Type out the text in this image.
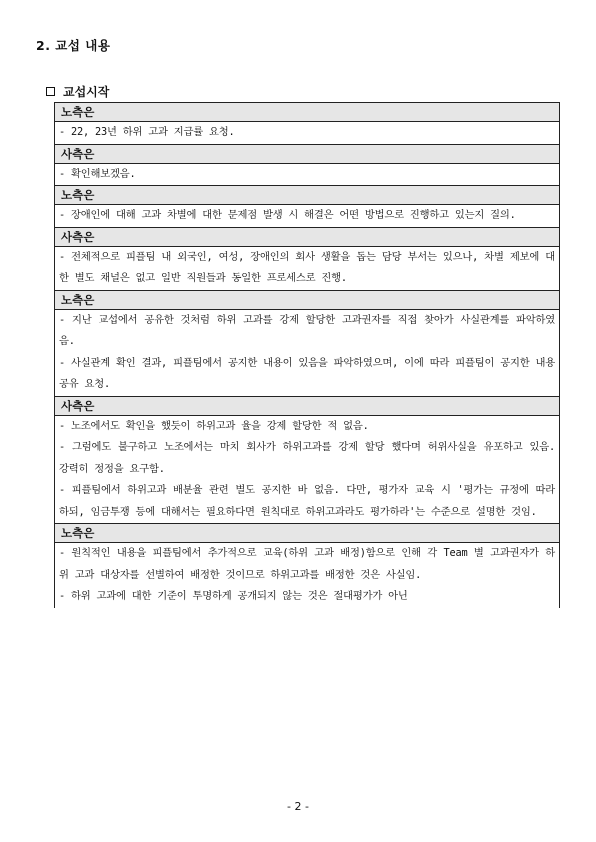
2. 교섭 내용
교섭시작
노측은

- 22, 23년 하위 고과 지급률 요청.

사측은

- 확인해보겠음.

노측은

- 장애인에 대해 고과 차별에 대한 문제점 발생 시 해결은 어떤 방법으로 진행하고 있는지 질의.

사측은

- 전체적으로 피플팀 내 외국인, 여성, 장애인의 회사 생활을 돕는 담당 부서는 있으나, 차별 제보에 대한 별도 채널은 없고 일반 직원들과 동일한 프로세스로 진행.

노측은

- 지난 교섭에서 공유한 것처럼 하위 고과를 강제 할당한 고과권자를 직접 찾아가 사실관계를 파악하였음.

- 사실관계 확인 결과, 피플팀에서 공지한 내용이 있음을 파악하였으며, 이에 따라 피플팀이 공지한 내용 공유 요청.

사측은

- 노조에서도 확인을 했듯이 하위고과 율을 강제 할당한 적 없음.

- 그럼에도 불구하고 노조에서는 마치 회사가 하위고과를 강제 할당 했다며 허위사실을 유포하고 있음. 강력히 정정을 요구함.

- 피플팀에서 하위고과 배분율 관련 별도 공지한 바 없음. 다만, 평가자 교육 시 '평가는 규정에 따라 하되, 임금투쟁 등에 대해서는 필요하다면 원칙대로 하위고과라도 평가하라'는 수준으로 설명한 것임.

노측은

- 원칙적인 내용을 피플팀에서 추가적으로 교육(하위 고과 배정)함으로 인해 각 Team 별 고과권자가 하위 고과 대상자를 선별하여 배정한 것이므로 하위고과를 배정한 것은 사실임.

- 하위 고과에 대한 기준이 투명하게 공개되지 않는 것은 절대평가가 아닌

- 2 -
